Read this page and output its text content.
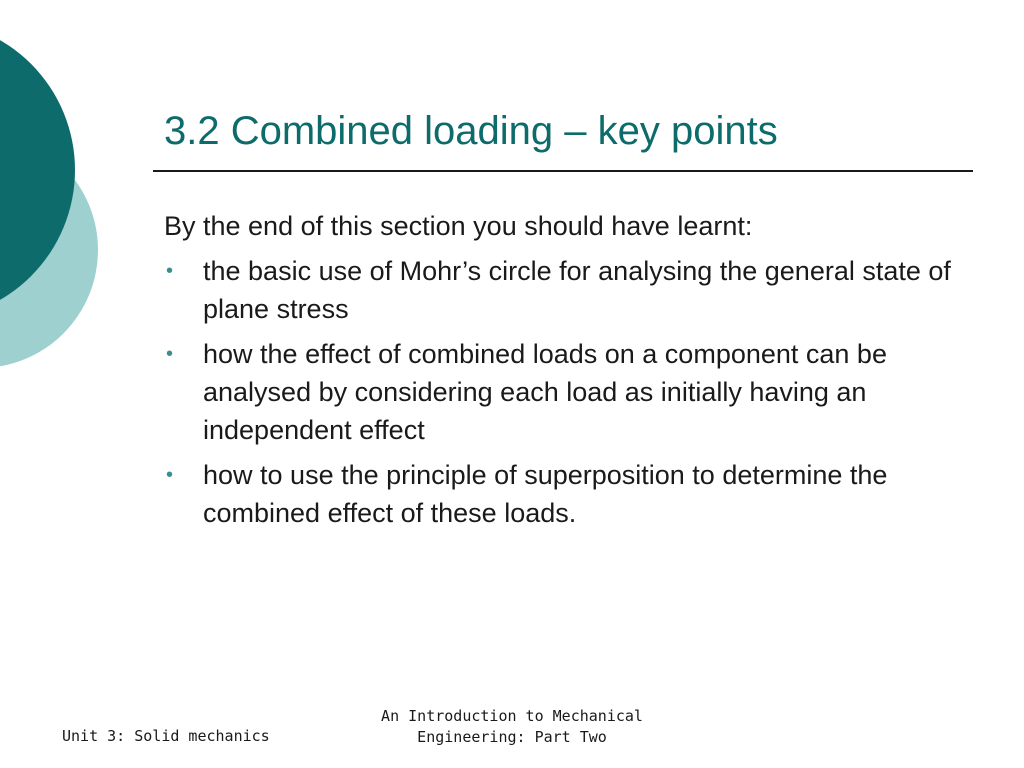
3.2 Combined loading – key points

By the end of this section you should have learnt:

• the basic use of Mohr’s circle for analysing the general state of plane stress
• how the effect of combined loads on a component can be analysed by considering each load as initially having an independent effect
• how to use the principle of superposition to determine the combined effect of these loads.
Unit 3: Solid mechanics
An Introduction to Mechanical
Engineering: Part Two
